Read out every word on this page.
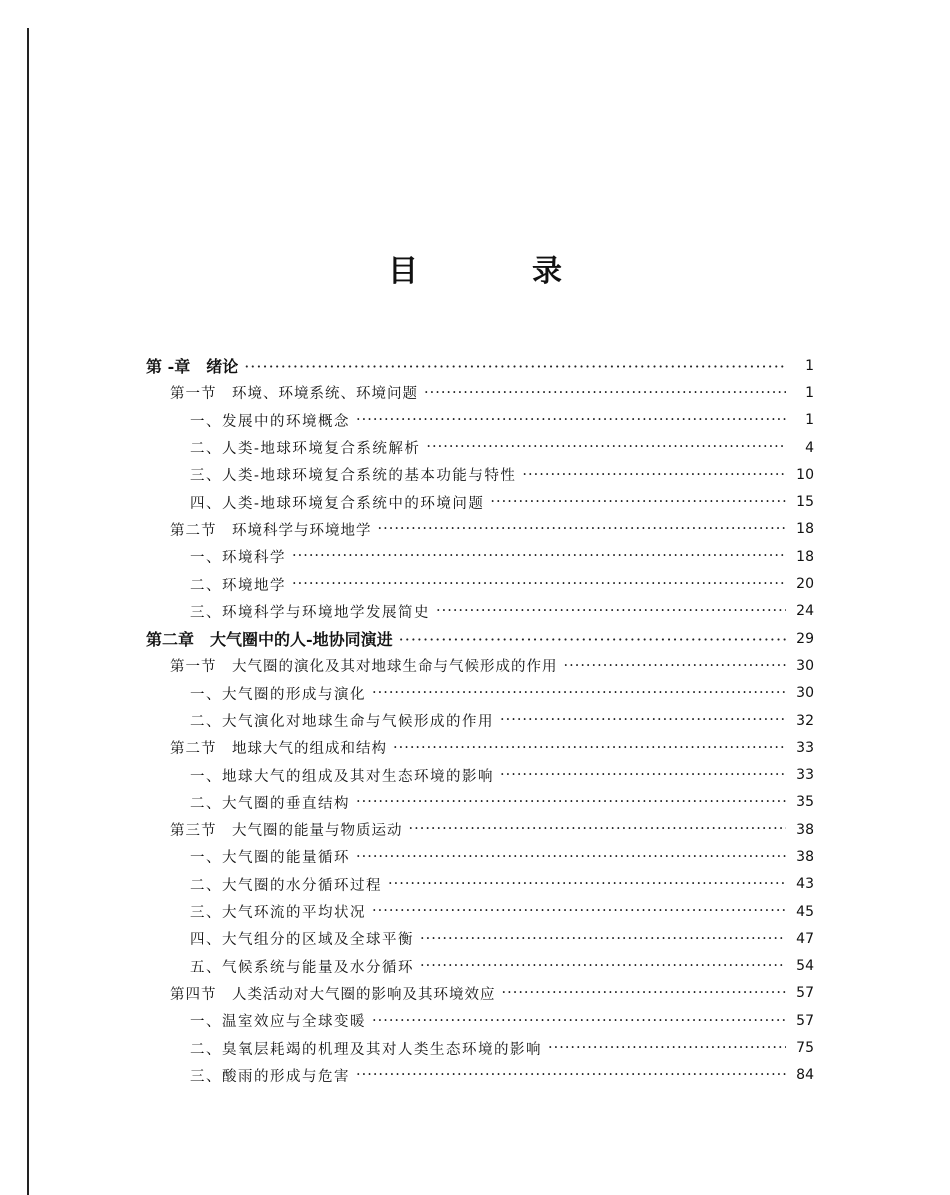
目	录
第 -章　绪论 ·····	1
第一节　环境、环境系统、环境问题 ·····	1
一、发展中的环境概念 ·····	1
二、人类-地球环境复合系统解析 ·····	4
三、人类-地球环境复合系统的基本功能与特性 ·····	10
四、人类-地球环境复合系统中的环境问题 ·····	15
第二节　环境科学与环境地学 ·····	18
一、环境科学 ·····	18
二、环境地学 ·····	20
三、环境科学与环境地学发展简史 ·····	24
第二章　大气圈中的人-地协同演进 ·····	29
第一节　大气圈的演化及其对地球生命与气候形成的作用 ·····	30
一、大气圈的形成与演化 ·····	30
二、大气演化对地球生命与气候形成的作用 ·····	32
第二节　地球大气的组成和结构 ·····	33
一、地球大气的组成及其对生态环境的影响 ·····	33
二、大气圈的垂直结构 ·····	35
第三节　大气圈的能量与物质运动 ·····	38
一、大气圈的能量循环 ·····	38
二、大气圈的水分循环过程 ·····	43
三、大气环流的平均状况 ·····	45
四、大气组分的区域及全球平衡 ·····	47
五、气候系统与能量及水分循环 ·····	54
第四节　人类活动对大气圈的影响及其环境效应 ·····	57
一、温室效应与全球变暖 ·····	57
二、臭氧层耗竭的机理及其对人类生态环境的影响 ·····	75
三、酸雨的形成与危害 ·····	84
